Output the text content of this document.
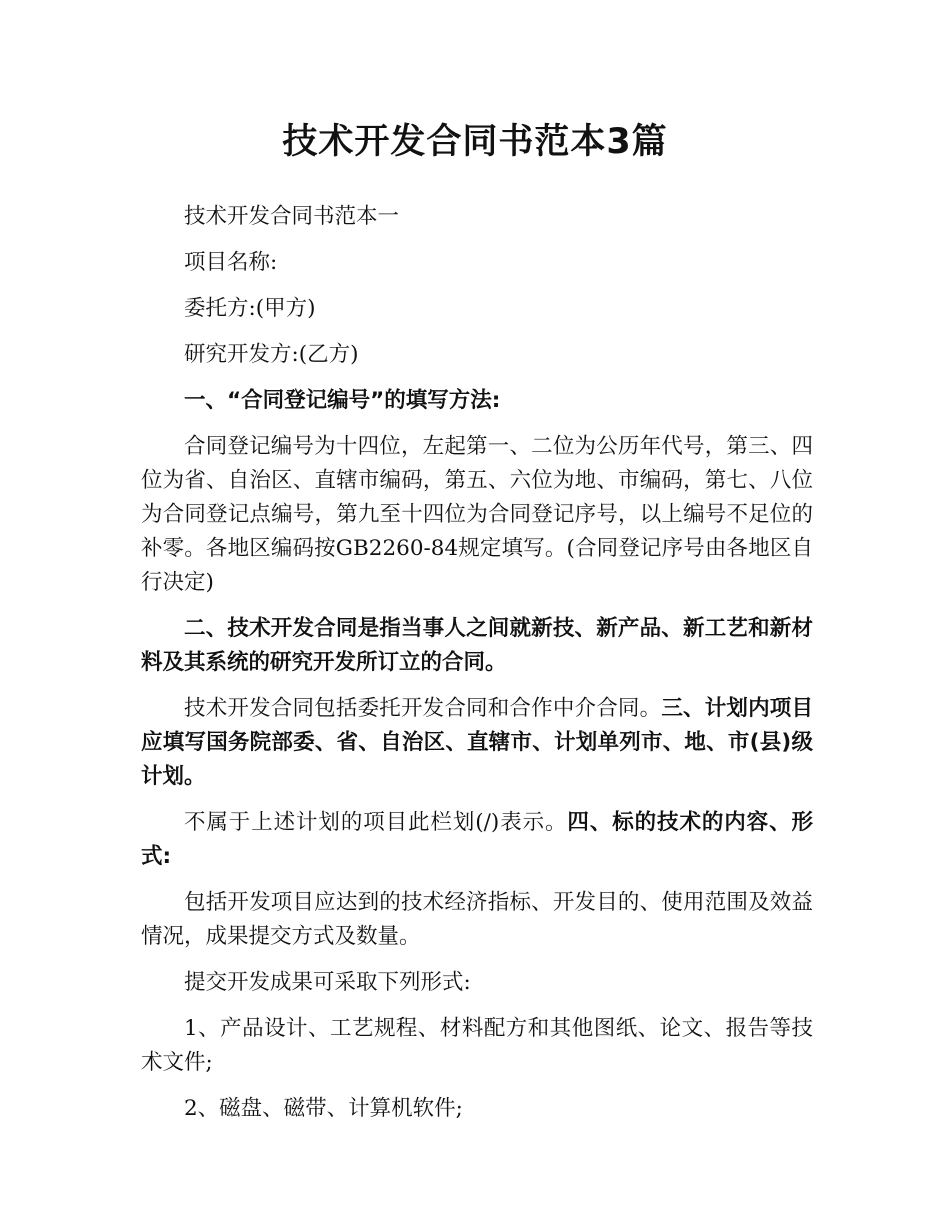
技术开发合同书范本3篇

技术开发合同书范本一

项目名称:

委托方:(甲方)

研究开发方:(乙方)

一、“合同登记编号”的填写方法:

合同登记编号为十四位，左起第一、二位为公历年代号，第三、四位为省、自治区、直辖市编码，第五、六位为地、市编码，第七、八位为合同登记点编号，第九至十四位为合同登记序号，以上编号不足位的补零。各地区编码按GB2260-84规定填写。(合同登记序号由各地区自行决定)

二、技术开发合同是指当事人之间就新技、新产品、新工艺和新材料及其系统的研究开发所订立的合同。

技术开发合同包括委托开发合同和合作中介合同。三、计划内项目应填写国务院部委、省、自治区、直辖市、计划单列市、地、市(县)级计划。

不属于上述计划的项目此栏划(/)表示。四、标的技术的内容、形式:

包括开发项目应达到的技术经济指标、开发目的、使用范围及效益情况，成果提交方式及数量。

提交开发成果可采取下列形式:

1、产品设计、工艺规程、材料配方和其他图纸、论文、报告等技术文件;

2、磁盘、磁带、计算机软件;
